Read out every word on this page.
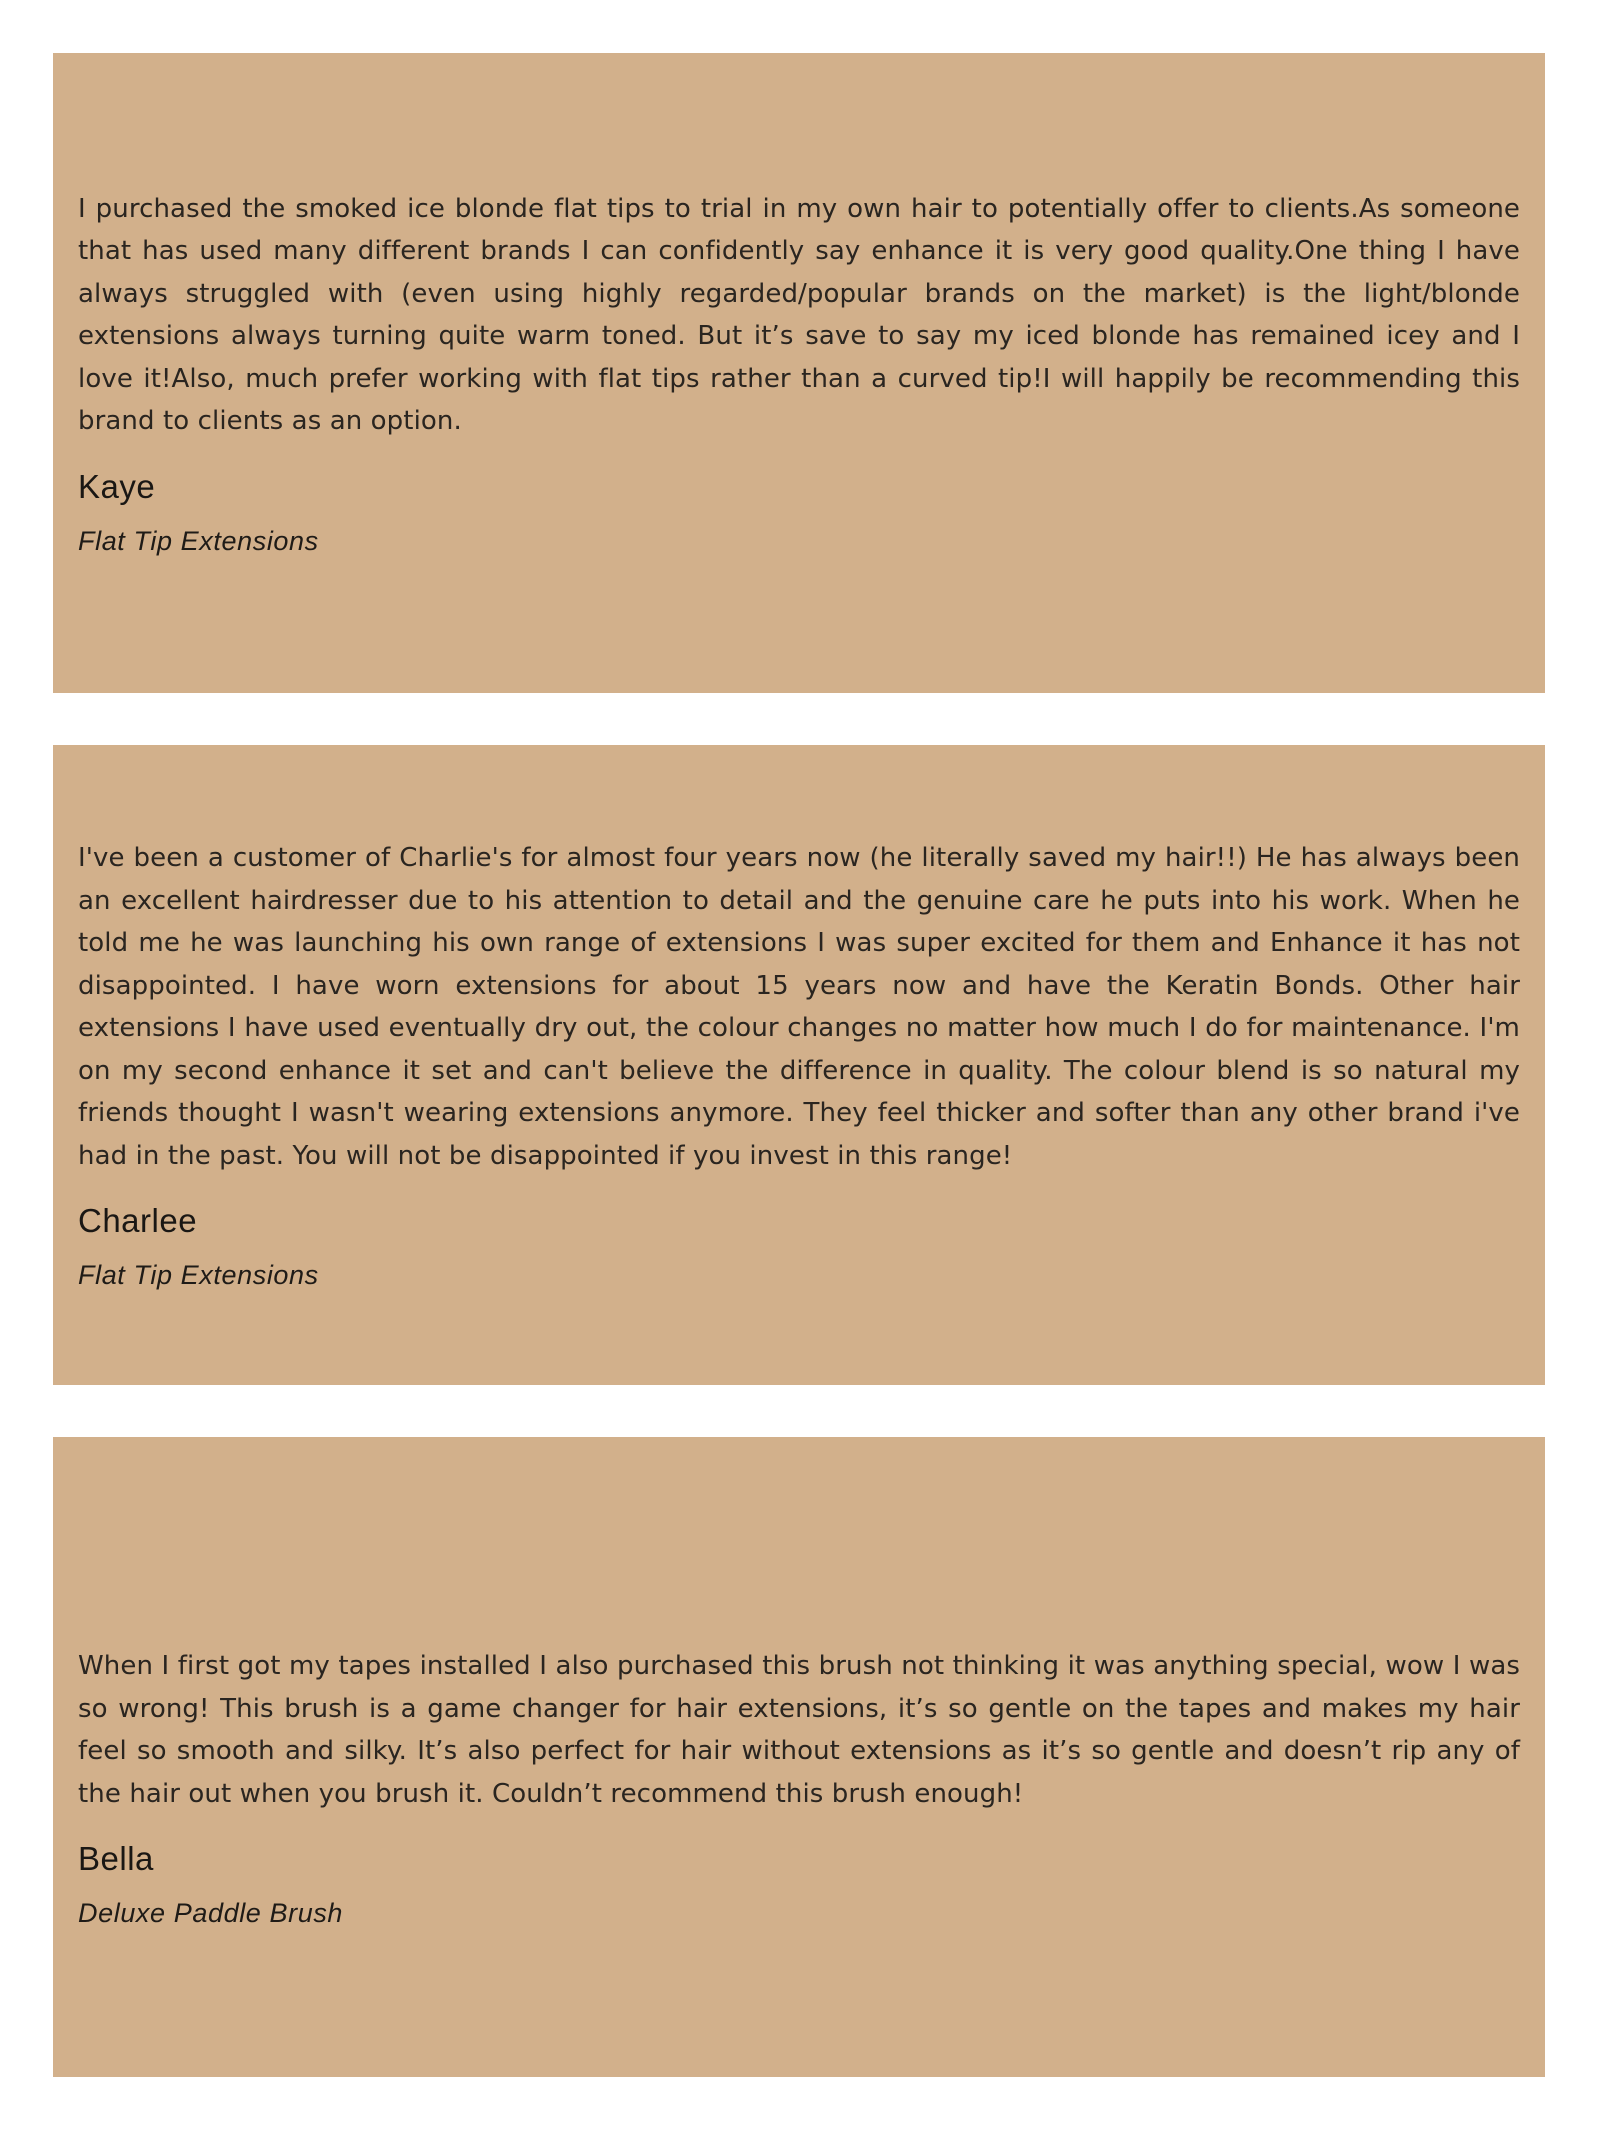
I purchased the smoked ice blonde flat tips to trial in my own hair to potentially offer to clients.As someone that has used many different brands I can confidently say enhance it is very good quality.One thing I have always struggled with (even using highly regarded/popular brands on the market) is the light/blonde extensions always turning quite warm toned. But it’s save to say my iced blonde has remained icey and I love it!Also, much prefer working with flat tips rather than a curved tip!I will happily be recommending this brand to clients as an option.

Kaye
Flat Tip Extensions

I've been a customer of Charlie's for almost four years now (he literally saved my hair!!) He has always been an excellent hairdresser due to his attention to detail and the genuine care he puts into his work. When he told me he was launching his own range of extensions I was super excited for them and Enhance it has not disappointed. I have worn extensions for about 15 years now and have the Keratin Bonds. Other hair extensions I have used eventually dry out, the colour changes no matter how much I do for maintenance. I'm on my second enhance it set and can't believe the difference in quality. The colour blend is so natural my friends thought I wasn't wearing extensions anymore. They feel thicker and softer than any other brand i've had in the past. You will not be disappointed if you invest in this range!

Charlee
Flat Tip Extensions

When I first got my tapes installed I also purchased this brush not thinking it was anything special, wow I was so wrong! This brush is a game changer for hair extensions, it’s so gentle on the tapes and makes my hair feel so smooth and silky. It’s also perfect for hair without extensions as it’s so gentle and doesn’t rip any of the hair out when you brush it. Couldn’t recommend this brush enough!

Bella
Deluxe Paddle Brush
